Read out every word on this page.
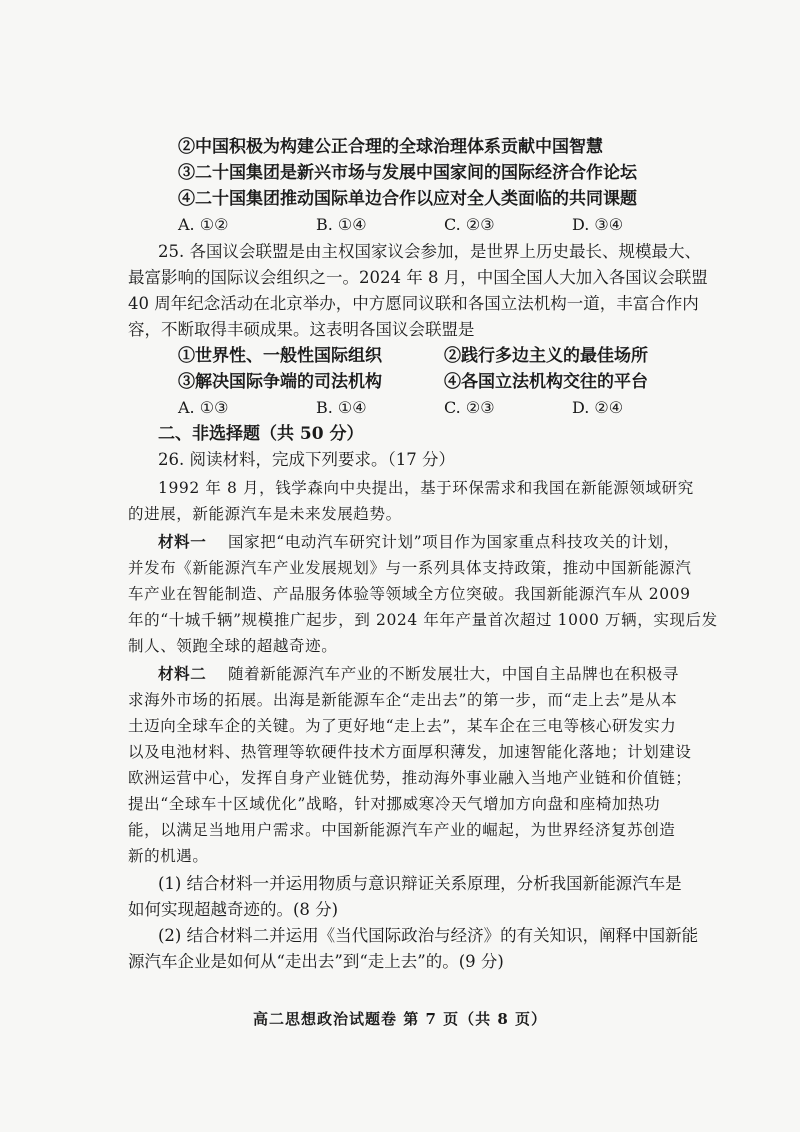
②中国积极为构建公正合理的全球治理体系贡献中国智慧
③二十国集团是新兴市场与发展中国家间的国际经济合作论坛
④二十国集团推动国际单边合作以应对全人类面临的共同课题
A. ①②	B. ①④	C. ②③	D. ③④
25. 各国议会联盟是由主权国家议会参加，是世界上历史最长、规模最大、
最富影响的国际议会组织之一。2024 年 8 月，中国全国人大加入各国议会联盟
40 周年纪念活动在北京举办，中方愿同议联和各国立法机构一道，丰富合作内
容，不断取得丰硕成果。这表明各国议会联盟是
①世界性、一般性国际组织	②践行多边主义的最佳场所
③解决国际争端的司法机构	④各国立法机构交往的平台
A. ①③	B. ①④	C. ②③	D. ②④
二、非选择题（共 50 分）
26. 阅读材料，完成下列要求。（17 分）
1992 年 8 月，钱学森向中央提出，基于环保需求和我国在新能源领域研究
的进展，新能源汽车是未来发展趋势。
材料一 国家把“电动汽车研究计划”项目作为国家重点科技攻关的计划，
并发布《新能源汽车产业发展规划》与一系列具体支持政策，推动中国新能源汽
车产业在智能制造、产品服务体验等领域全方位突破。我国新能源汽车从 2009
年的“十城千辆”规模推广起步，到 2024 年年产量首次超过 1000 万辆，实现后发
制人、领跑全球的超越奇迹。
材料二 随着新能源汽车产业的不断发展壮大，中国自主品牌也在积极寻
求海外市场的拓展。出海是新能源车企“走出去”的第一步，而“走上去”是从本
土迈向全球车企的关键。为了更好地“走上去”，某车企在三电等核心研发实力
以及电池材料、热管理等软硬件技术方面厚积薄发，加速智能化落地；计划建设
欧洲运营中心，发挥自身产业链优势，推动海外事业融入当地产业链和价值链；
提出“全球车十区域优化”战略，针对挪威寒冷天气增加方向盘和座椅加热功
能，以满足当地用户需求。中国新能源汽车产业的崛起，为世界经济复苏创造
新的机遇。
(1) 结合材料一并运用物质与意识辩证关系原理，分析我国新能源汽车是
如何实现超越奇迹的。(8 分)
(2) 结合材料二并运用《当代国际政治与经济》的有关知识，阐释中国新能
源汽车企业是如何从“走出去”到“走上去”的。(9 分)
高二思想政治试题卷 第 7 页（共 8 页）
